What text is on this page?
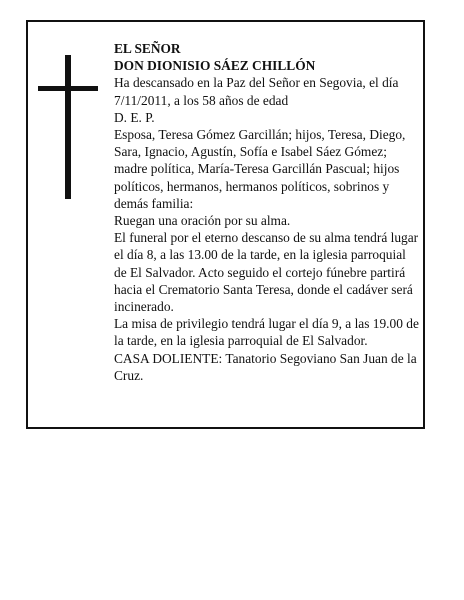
EL SEÑOR

DON DIONISIO SÁEZ CHILLÓN

Ha descansado en la Paz del Señor en Segovia, el día 7/11/2011, a los 58 años de edad

D. E. P.

Esposa, Teresa Gómez Garcillán; hijos, Teresa, Diego, Sara, Ignacio, Agustín, Sofía e Isabel Sáez Gómez; madre política, María-Teresa Garcillán Pascual; hijos políticos, hermanos, hermanos políticos, sobrinos y demás familia:

Ruegan una oración por su alma.

El funeral por el eterno descanso de su alma tendrá lugar el día 8, a las 13.00 de la tarde, en la iglesia parroquial de El Salvador. Acto seguido el cortejo fúnebre partirá hacia el Crematorio Santa Teresa, donde el cadáver será incinerado.

La misa de privilegio tendrá lugar el día 9, a las 19.00 de la tarde, en la iglesia parroquial de El Salvador.

CASA DOLIENTE: Tanatorio Segoviano San Juan de la Cruz.
